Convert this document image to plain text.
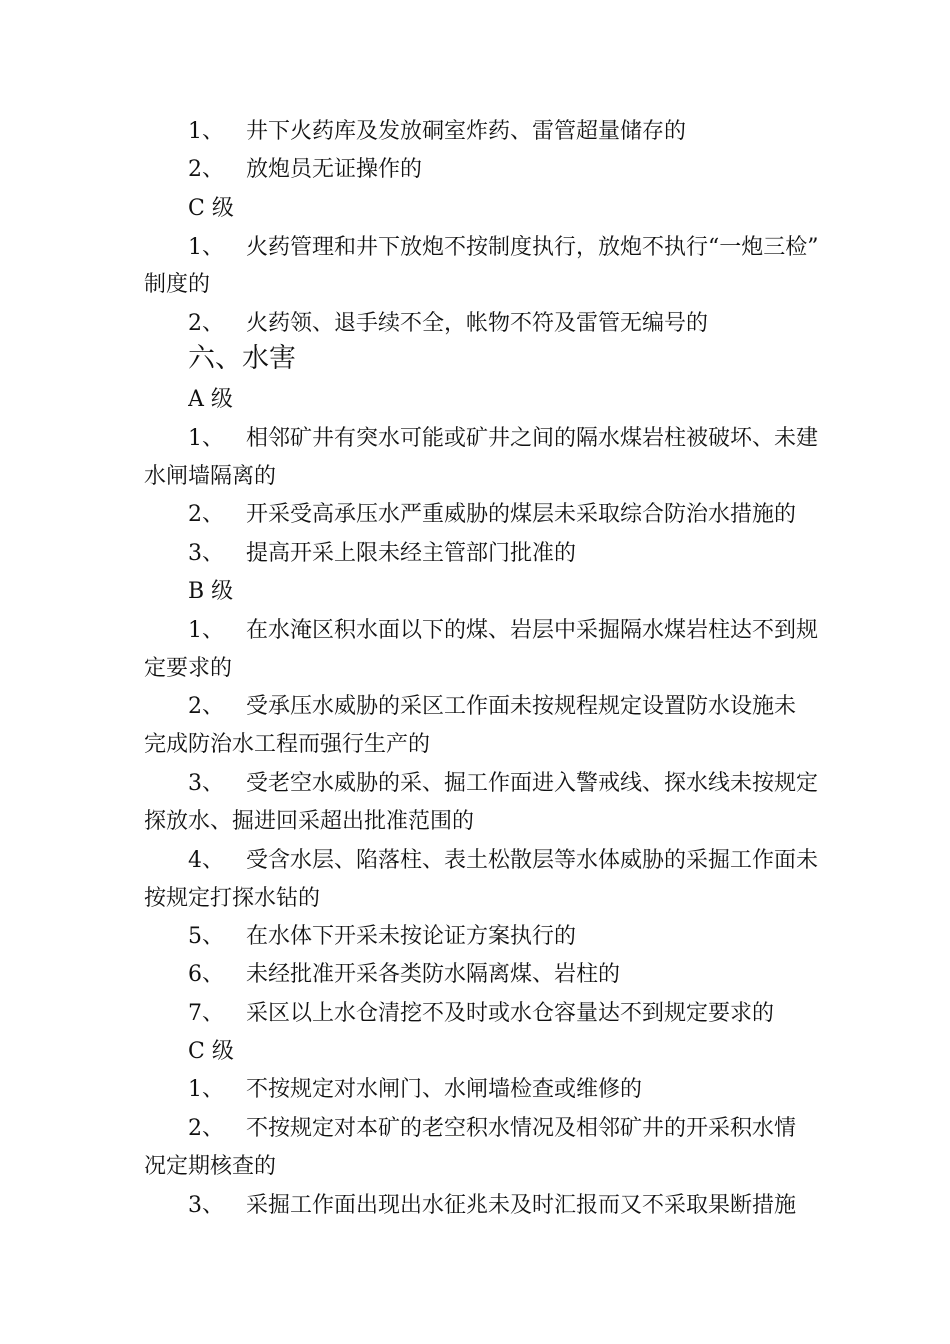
1、 井下火药库及发放硐室炸药、雷管超量储存的
2、 放炮员无证操作的
C 级
1、 火药管理和井下放炮不按制度执行，放炮不执行“一炮三检”
制度的
2、 火药领、退手续不全，帐物不符及雷管无编号的
六、水害
A 级
1、 相邻矿井有突水可能或矿井之间的隔水煤岩柱被破坏、未建
水闸墙隔离的
2、 开采受高承压水严重威胁的煤层未采取综合防治水措施的
3、 提高开采上限未经主管部门批准的
B 级
1、 在水淹区积水面以下的煤、岩层中采掘隔水煤岩柱达不到规
定要求的
2、 受承压水威胁的采区工作面未按规程规定设置防水设施未
完成防治水工程而强行生产的
3、 受老空水威胁的采、掘工作面进入警戒线、探水线未按规定
探放水、掘进回采超出批准范围的
4、 受含水层、陷落柱、表土松散层等水体威胁的采掘工作面未
按规定打探水钻的
5、 在水体下开采未按论证方案执行的
6、 未经批准开采各类防水隔离煤、岩柱的
7、 采区以上水仓清挖不及时或水仓容量达不到规定要求的
C 级
1、 不按规定对水闸门、水闸墙检查或维修的
2、 不按规定对本矿的老空积水情况及相邻矿井的开采积水情
况定期核查的
3、 采掘工作面出现出水征兆未及时汇报而又不采取果断措施
